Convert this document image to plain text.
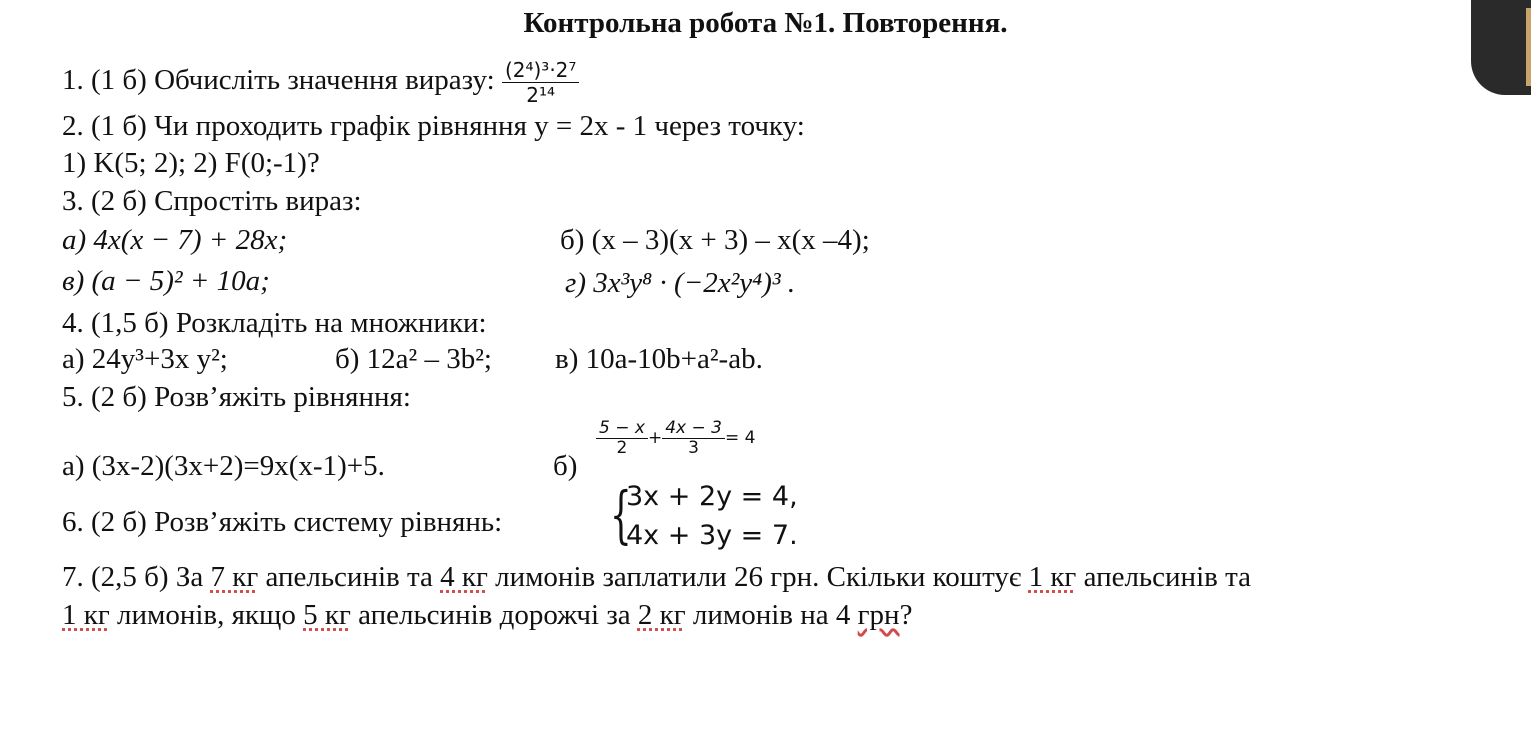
Контрольна робота №1. Повторення.
1. (1 б) Обчисліть значення виразу: $\frac{\text{(2⁴)³·2⁷}}{\text{2¹⁴}}$
2. (1 б) Чи проходить графік рівняння y = 2x - 1 через точку:
1) K(5; 2); 2) F(0;-1)?
3. (2 б) Спростіть вираз:
а) 4x(x − 7) + 28x;	б) (x – 3)(x + 3) – x(x –4);
в) (a − 5)² + 10a;	г) 3x³y⁸ · (−2x²y⁴)³ .
4. (1,5 б) Розкладіть на множники:
а) 24y³+3x y²;	б) 12a² – 3b²; в) 10a-10b+a²-ab.
5. (2 б) Розв’яжіть рівняння:
а) (3x-2)(3x+2)=9x(x-1)+5.	б)
$\frac{5 - x}{2} + \frac{4x - 3}{3} = 4$
6. (2 б) Розв’яжіть систему рівнянь: {
3x + 2y = 4,
4x + 3y = 7.
7. (2,5 б) За 7 кг апельсинів та 4 кг лимонів заплатили 26 грн. Скільки коштує 1 кг апельсинів та
1 кг лимонів, якщо 5 кг апельсинів дорожчі за 2 кг лимонів на 4 грн?
